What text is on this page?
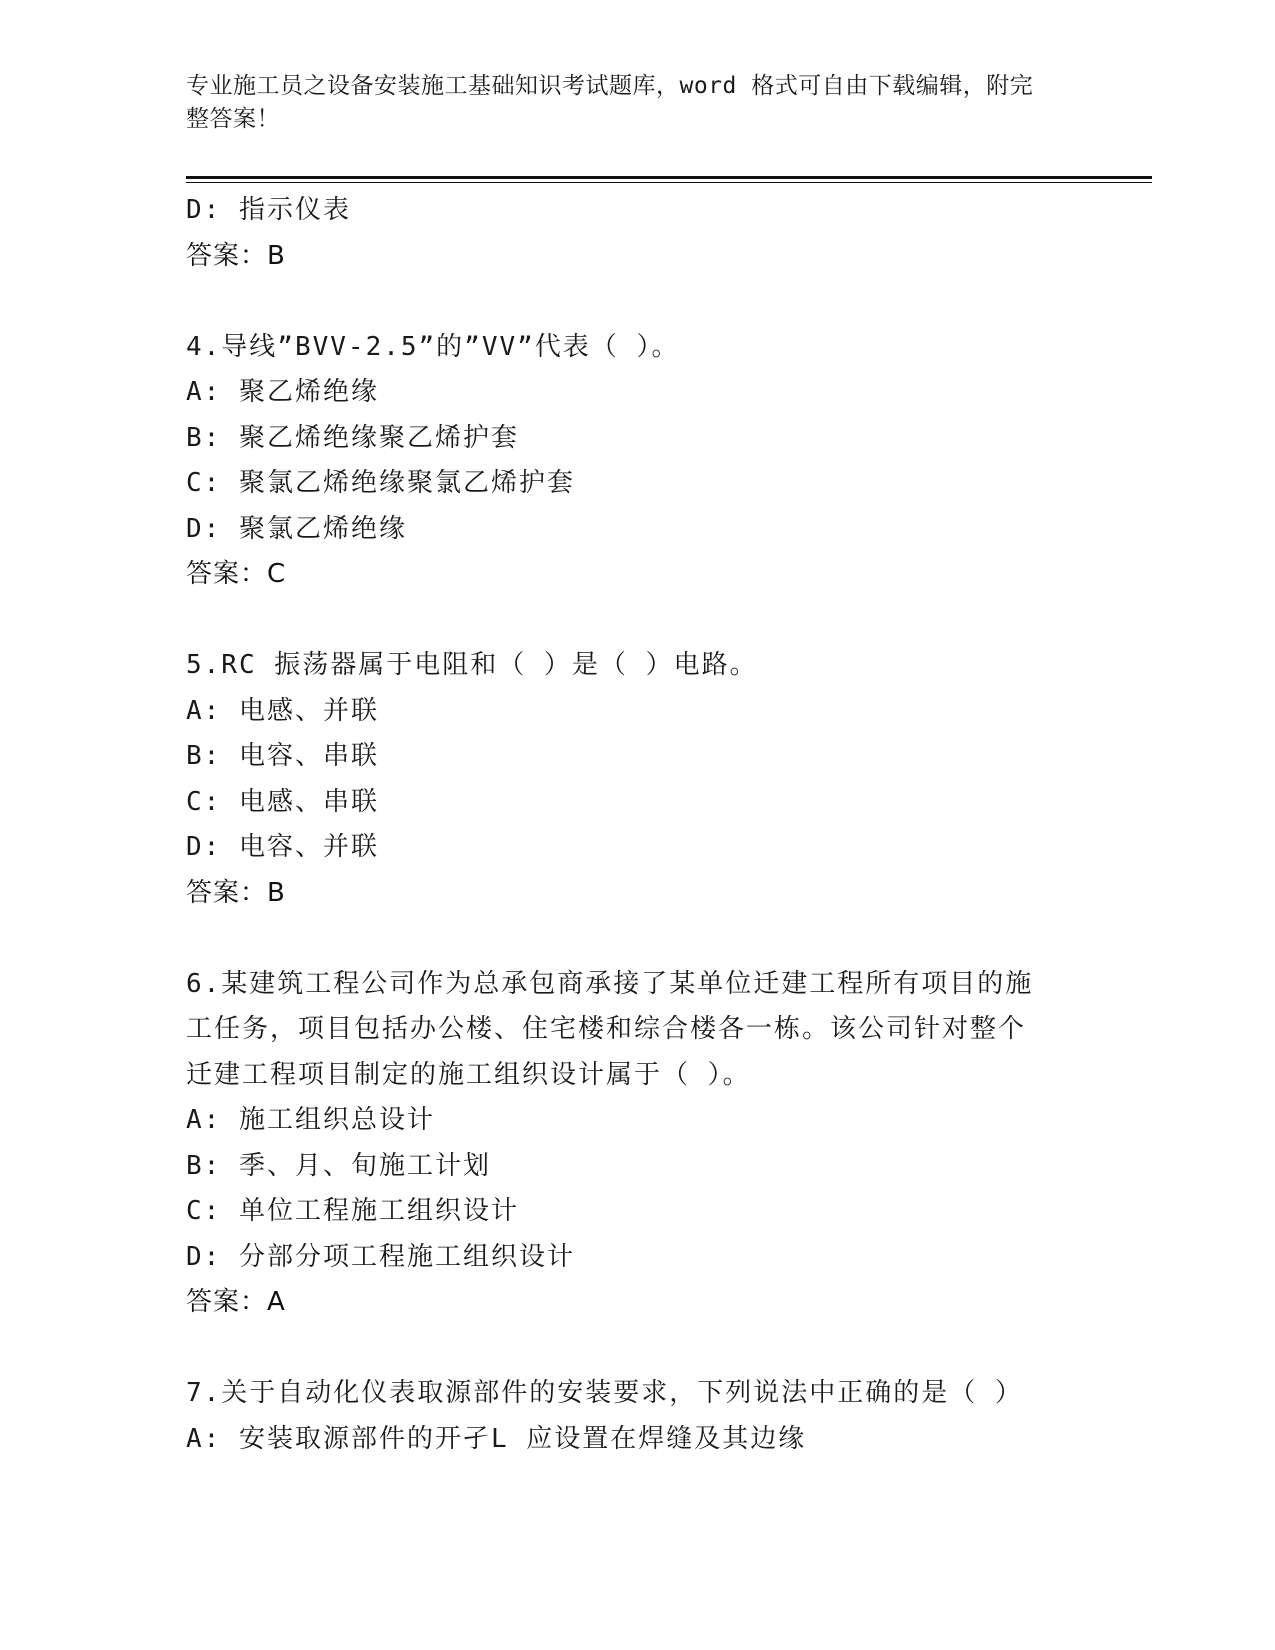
专业施工员之设备安装施工基础知识考试题库，word 格式可自由下载编辑，附完
整答案！
D: 指示仪表
答案：B
4.导线”BVV-2.5”的”VV”代表（ ）。
A: 聚乙烯绝缘
B: 聚乙烯绝缘聚乙烯护套
C: 聚氯乙烯绝缘聚氯乙烯护套
D: 聚氯乙烯绝缘
答案：C
5.RC 振荡器属于电阻和（ ）是（ ）电路。
A: 电感、并联
B: 电容、串联
C: 电感、串联
D: 电容、并联
答案：B
6.某建筑工程公司作为总承包商承接了某单位迁建工程所有项目的施
工任务，项目包括办公楼、住宅楼和综合楼各一栋。该公司针对整个
迁建工程项目制定的施工组织设计属于（ ）。
A: 施工组织总设计
B: 季、月、旬施工计划
C: 单位工程施工组织设计
D: 分部分项工程施工组织设计
答案：A
7.关于自动化仪表取源部件的安装要求，下列说法中正确的是（ ）
A: 安装取源部件的开孑L 应设置在焊缝及其边缘
